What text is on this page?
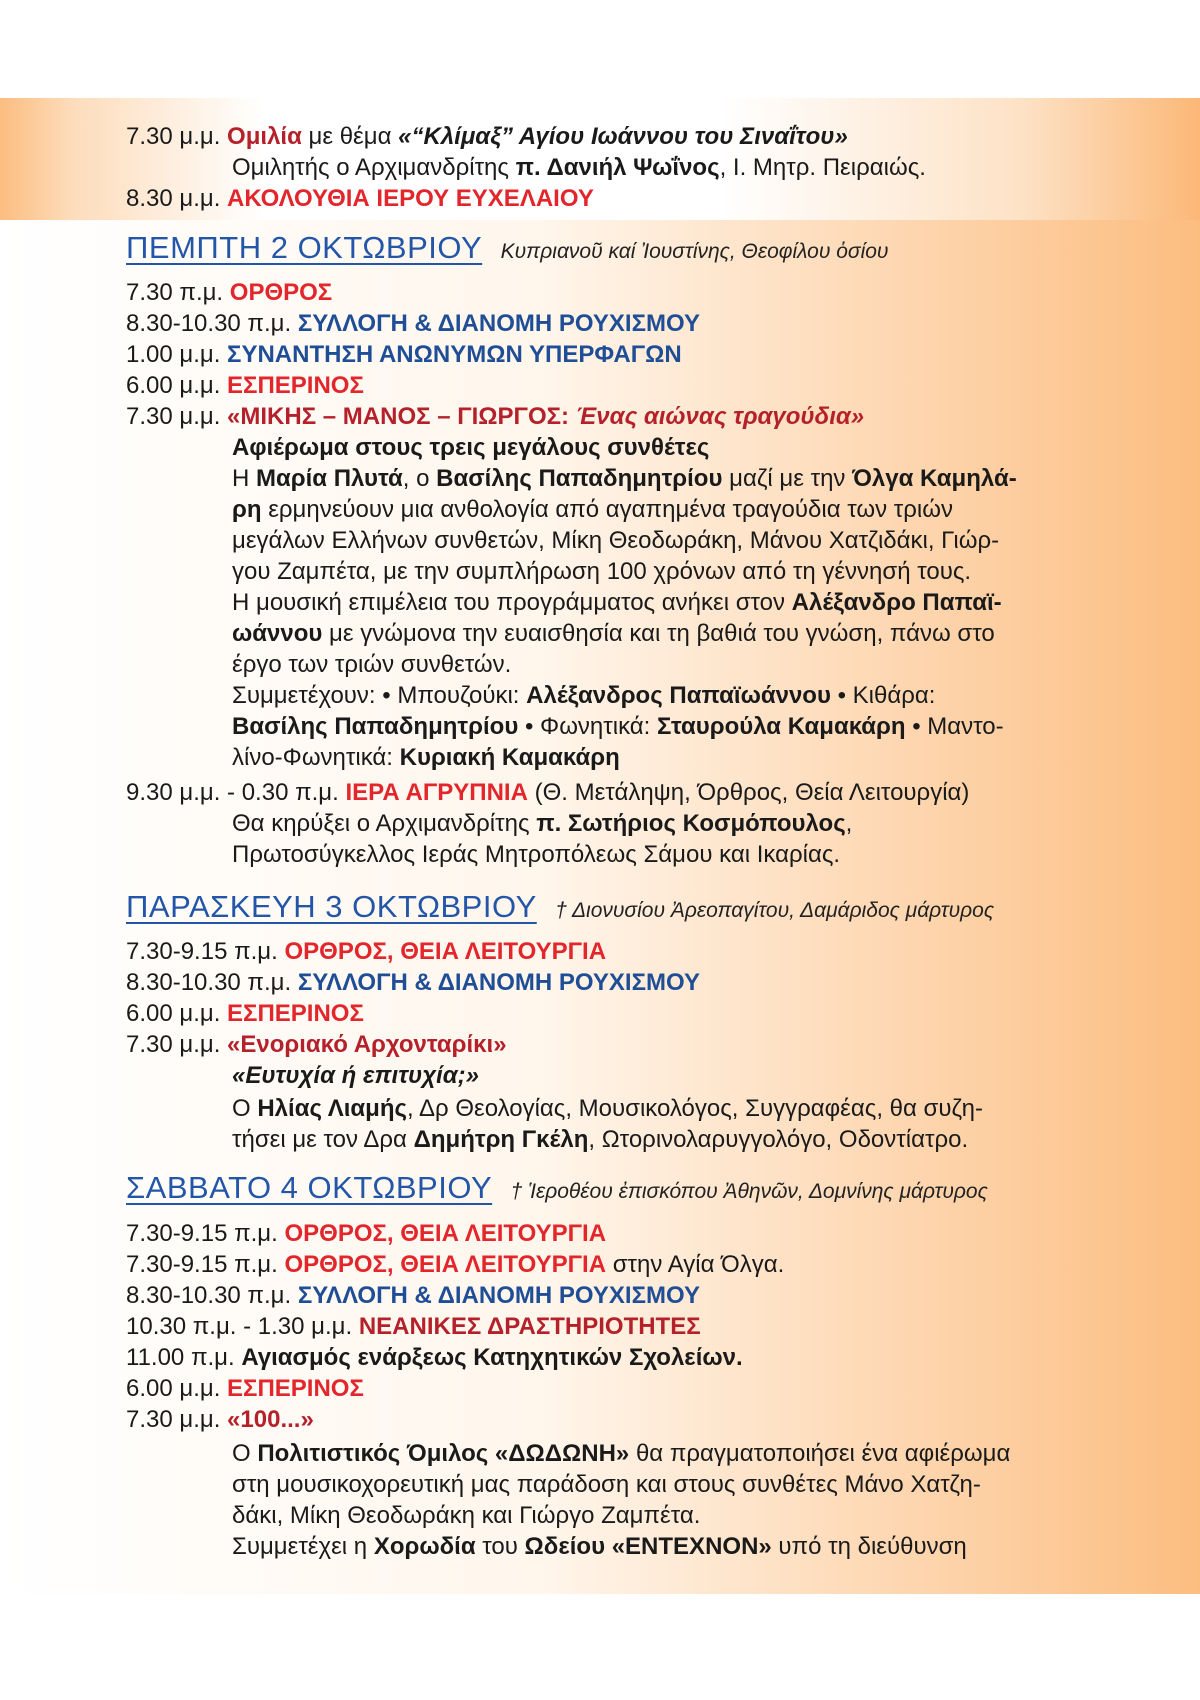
7.30 μ.μ. Ομιλία με θέμα «“Κλίμαξ” Αγίου Ιωάννου του Σιναΐτου»
Ομιλητής ο Αρχιμανδρίτης π. Δανιήλ Ψωΐνος, Ι. Μητρ. Πειραιώς.
8.30 μ.μ. ΑΚΟΛΟΥΘΙΑ ΙΕΡΟΥ ΕΥΧΕΛΑΙΟΥ
ΠΕΜΠΤΗ 2 ΟΚΤΩΒΡΙΟΥ Κυπριανοῦ καί Ἰουστίνης, Θεοφίλου ὁσίου
7.30 π.μ. ΟΡΘΡΟΣ
8.30-10.30 π.μ. ΣΥΛΛΟΓΗ & ΔΙΑΝΟΜΗ ΡΟΥΧΙΣΜΟΥ
1.00 μ.μ. ΣΥΝΑΝΤΗΣΗ ΑΝΩΝΥΜΩΝ ΥΠΕΡΦΑΓΩΝ
6.00 μ.μ. ΕΣΠΕΡΙΝΟΣ
7.30 μ.μ. «ΜΙΚΗΣ – ΜΑΝΟΣ – ΓΙΩΡΓΟΣ: Ένας αιώνας τραγούδια»
Αφιέρωμα στους τρεις μεγάλους συνθέτες
Η Μαρία Πλυτά, ο Βασίλης Παπαδημητρίου μαζί με την Όλγα Καμηλά-
ρη ερμηνεύουν μια ανθολογία από αγαπημένα τραγούδια των τριών
μεγάλων Ελλήνων συνθετών, Μίκη Θεοδωράκη, Μάνου Χατζιδάκι, Γιώρ-
γου Ζαμπέτα, με την συμπλήρωση 100 χρόνων από τη γέννησή τους.
Η μουσική επιμέλεια του προγράμματος ανήκει στον Αλέξανδρο Παπαϊ-
ωάννου με γνώμονα την ευαισθησία και τη βαθιά του γνώση, πάνω στο
έργο των τριών συνθετών.
Συμμετέχουν: • Μπουζούκι: Αλέξανδρος Παπαϊωάννου • Κιθάρα:
Βασίλης Παπαδημητρίου • Φωνητικά: Σταυρούλα Καμακάρη • Μαντο-
λίνο-Φωνητικά: Κυριακή Καμακάρη
9.30 μ.μ. - 0.30 π.μ. ΙΕΡΑ ΑΓΡΥΠΝΙΑ (Θ. Μετάληψη, Όρθρος, Θεία Λειτουργία)
Θα κηρύξει ο Αρχιμανδρίτης π. Σωτήριος Κοσμόπουλος,
Πρωτοσύγκελλος Ιεράς Μητροπόλεως Σάμου και Ικαρίας.
ΠΑΡΑΣΚΕΥΗ 3 ΟΚΤΩΒΡΙΟΥ † Διονυσίου Ἀρεοπαγίτου, Δαμάριδος μάρτυρος
7.30-9.15 π.μ. ΟΡΘΡΟΣ, ΘΕΙΑ ΛΕΙΤΟΥΡΓΙΑ
8.30-10.30 π.μ. ΣΥΛΛΟΓΗ & ΔΙΑΝΟΜΗ ΡΟΥΧΙΣΜΟΥ
6.00 μ.μ. ΕΣΠΕΡΙΝΟΣ
7.30 μ.μ. «Ενοριακό Αρχονταρίκι»
«Ευτυχία ή επιτυχία;»
Ο Ηλίας Λιαμής, Δρ Θεολογίας, Μουσικολόγος, Συγγραφέας, θα συζη-
τήσει με τον Δρα Δημήτρη Γκέλη, Ωτορινολαρυγγολόγο, Οδοντίατρο.
ΣΑΒΒΑΤΟ 4 ΟΚΤΩΒΡΙΟΥ † Ἱεροθέου ἐπισκόπου Ἀθηνῶν, Δομνίνης μάρτυρος
7.30-9.15 π.μ. ΟΡΘΡΟΣ, ΘΕΙΑ ΛΕΙΤΟΥΡΓΙΑ
7.30-9.15 π.μ. ΟΡΘΡΟΣ, ΘΕΙΑ ΛΕΙΤΟΥΡΓΙΑ στην Αγία Όλγα.
8.30-10.30 π.μ. ΣΥΛΛΟΓΗ & ΔΙΑΝΟΜΗ ΡΟΥΧΙΣΜΟΥ
10.30 π.μ. - 1.30 μ.μ. ΝΕΑΝΙΚΕΣ ΔΡΑΣΤΗΡΙΟΤΗΤΕΣ
11.00 π.μ. Αγιασμός ενάρξεως Κατηχητικών Σχολείων.
6.00 μ.μ. ΕΣΠΕΡΙΝΟΣ
7.30 μ.μ. «100...»
Ο Πολιτιστικός Όμιλος «ΔΩΔΩΝΗ» θα πραγματοποιήσει ένα αφιέρωμα
στη μουσικοχορευτική μας παράδοση και στους συνθέτες Μάνο Χατζη-
δάκι, Μίκη Θεοδωράκη και Γιώργο Ζαμπέτα.
Συμμετέχει η Χορωδία του Ωδείου «ΕΝΤΕΧΝΟΝ» υπό τη διεύθυνση
